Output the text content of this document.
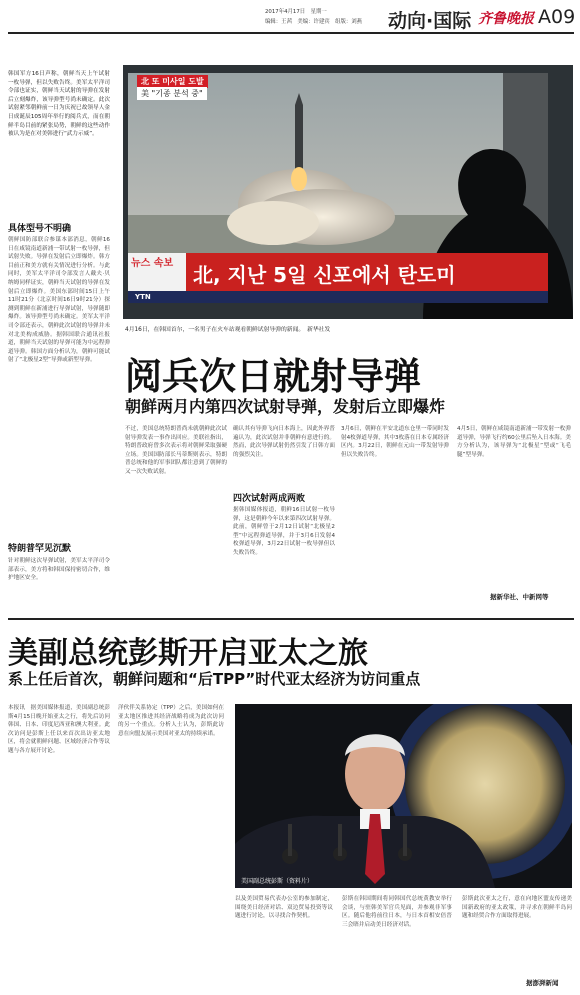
2017年4月17日　星期一
编辑：王茜　美编：许建宾　组版：刘燕 动向·国际 齐鲁晚报 A09
韩国军方16日声称，朝鲜当天上午试射一枚导弹，但以失败告终。美军太平洋司令部也证实，朝鲜当天试射的导弹在发射后立刻爆炸，该导弹型号尚未确定。此次试射紧邻朝鲜前一日为庆祝已故领导人金日成诞辰105周年举行的阅兵式，而在朝鲜半岛目前的紧张局势，朝鲜的这些动作被认为是在对美韩进行“武力示威”。
具体型号不明确
朝鲜国防部联合参谋本部消息，朝鲜16日在咸镜南道新浦一带试射一枚导弹，但试射失败。导弹在发射后立即爆炸。韩方目前正和美方就有关情况进行分析。与此同时，美军太平洋司令部发言人戴夫·贝纳姆同样证实，朝鲜当天试射的导弹在发射后立即爆炸。美国东部时间15日上午11时21分（北京时间16日9时21分）探测到朝鲜在新浦进行导弹试射，导弹随即爆炸。该导弹型号尚未确定。美军太平洋司令部还表示，朝鲜此次试射的导弹并未对北美构成威胁。据韩国联合通讯社报道，朝鲜当天试射的导弹可能为中远程弹道导弹。韩国方面分析认为，朝鲜可能试射了“北极星2型”导弹或新型导弹。
特朗普罕见沉默
针对朝鲜这次导弹试射，美军太平洋司令部表示，美方将和韩国保持密切合作，维护地区安全。
北 또 미사일 도발
美 "기종 분석 중"
뉴스 속보 北, 지난 5일 신포에서 탄도미
YTN
4月16日，在韩国首尔，一名男子在火车站观看朝鲜试射导弹的新闻。　新华社发
阅兵次日就射导弹
朝鲜两月内第四次试射导弹，发射后立即爆炸
不过，美国总统特朗普尚未就朝鲜此次试射导弹发表一事作出回应。美联社指出，特朗普政府曾多次表示将对朝鲜采取强硬立场。美国国防部长马蒂斯则表示，特朗普总统和他的军事团队都注意到了朝鲜的又一次失败试射。
确认其有导弹飞向日本海上，因此外界普遍认为，此次试射并非朝鲜有意进行的。然而，此次导弹试射仍然引发了日韩方面的强烈关注。
四次试射两成两败
据韩国媒体报道，朝鲜16日试射一枚导弹，这是朝鲜今年以来第四次试射导弹。此前，朝鲜曾于2月12日试射“北极星2型”中远程弹道导弹，并于3月6日发射4枚弹道导弹，3月22日试射一枚导弹但以失败告终。
3月6日，朝鲜在平安北道东仓里一带同时发射4枚弹道导弹，其中3枚落在日本专属经济区内。3月22日，朝鲜在元山一带发射导弹但以失败告终。
4月5日，朝鲜在咸镜南道新浦一带发射一枚弹道导弹，导弹飞行约60公里后坠入日本海。美方分析认为，该导弹为“北极星”型或“飞毛腿”型导弹。
据新华社、中新网等
美副总统彭斯开启亚太之旅
系上任后首次，朝鲜问题和“后TPP”时代亚太经济为访问重点
本报讯　据美国媒体报道，美国副总统彭斯4月15日晚开始亚太之行，将先后访问韩国、日本、印度尼西亚和澳大利亚。此次访问是彭斯上任以来首次出访亚太地区，将会就朝鲜问题、区域经济合作等议题与各方展开讨论。
洋伙伴关系协定（TPP）之后，美国如何在亚太地区推进其经济战略将成为此次访问的另一个重点。分析人士认为，彭斯此访意在向盟友展示美国对亚太的持续承诺。
美国副总统彭斯（资料片）
以及美国贸易代表办公室的参加制定，围绕美日经济对话、双边贸易投资等议题进行讨论，以寻找合作契机。
彭斯在韩国期间将同韩国代总统黄教安举行会谈，与驻韩美军官兵见面，并参观非军事区。随后他将前往日本，与日本首相安倍晋三会晤并启动美日经济对话。
彭斯此次亚太之行，意在向地区盟友传递美国新政府的亚太政策，并寻求在朝鲜半岛问题和经贸合作方面取得进展。
据澎湃新闻
